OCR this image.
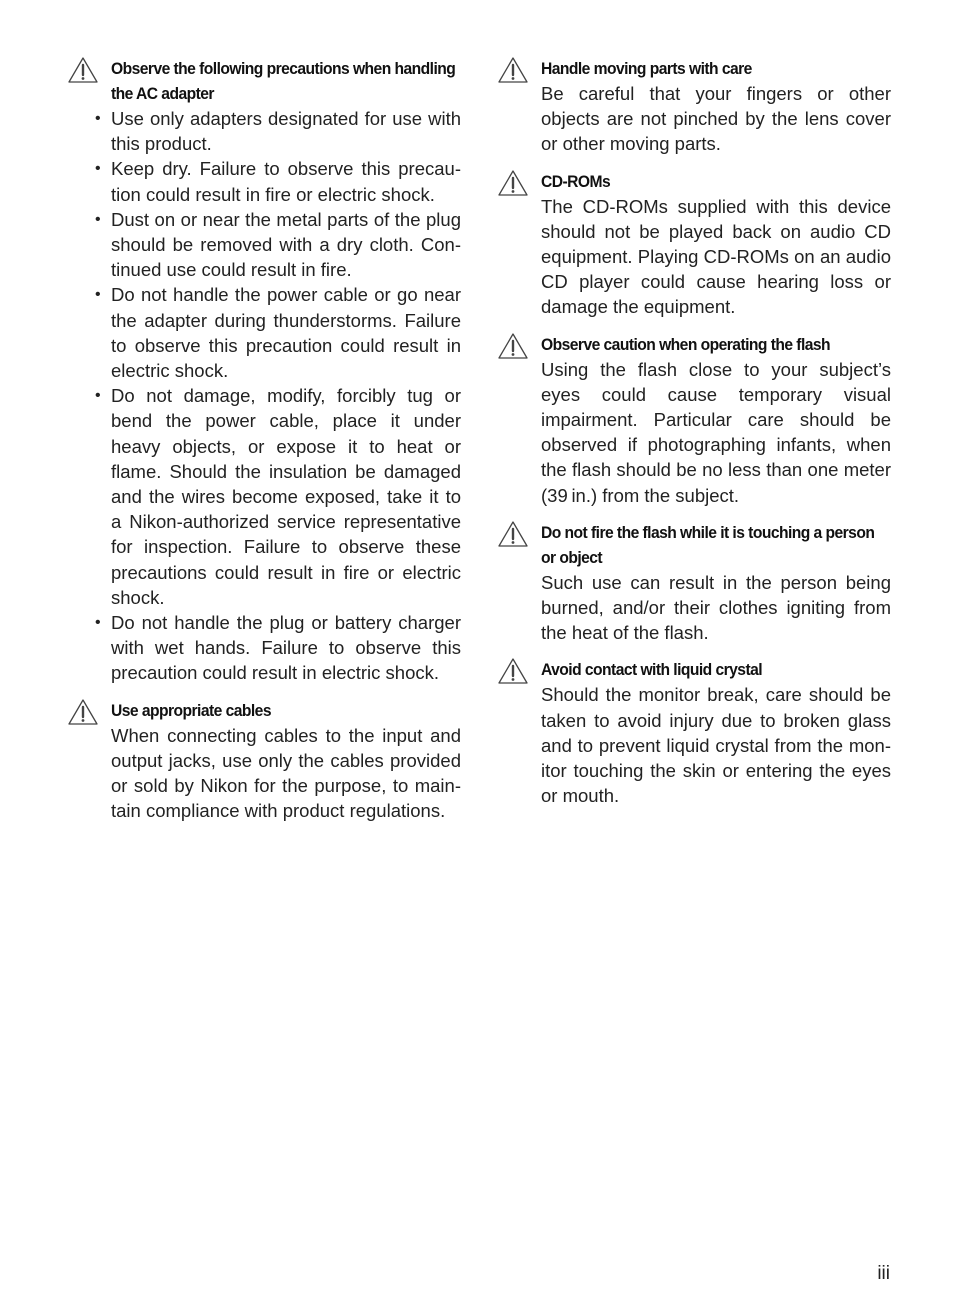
Observe the following precautions when handling
the AC adapter
• Use only adapters designated for use with this product.
• Keep dry. Failure to observe this precaution could result in fire or electric shock.
• Dust on or near the metal parts of the plug should be removed with a dry cloth. Continued use could result in fire.
• Do not handle the power cable or go near the adapter during thunderstorms. Failure to observe this precaution could result in electric shock.
• Do not damage, modify, forcibly tug or bend the power cable, place it under heavy objects, or expose it to heat or flame. Should the insulation be damaged and the wires become exposed, take it to a Nikon-authorized service representative for inspection. Failure to observe these precautions could result in fire or electric shock.
• Do not handle the plug or battery charger with wet hands. Failure to observe this precaution could result in electric shock.
Use appropriate cables
When connecting cables to the input and output jacks, use only the cables provided or sold by Nikon for the purpose, to maintain compliance with product regulations.
Handle moving parts with care
Be careful that your fingers or other objects are not pinched by the lens cover or other moving parts.
CD-ROMs
The CD-ROMs supplied with this device should not be played back on audio CD equipment. Playing CD-ROMs on an audio CD player could cause hearing loss or damage the equipment.
Observe caution when operating the flash
Using the flash close to your subject’s eyes could cause temporary visual impairment. Particular care should be observed if photographing infants, when the flash should be no less than one meter (39 in.) from the subject.
Do not fire the flash while it is touching a person
or object
Such use can result in the person being burned, and/or their clothes igniting from the heat of the flash.
Avoid contact with liquid crystal
Should the monitor break, care should be taken to avoid injury due to broken glass and to prevent liquid crystal from the monitor touching the skin or entering the eyes or mouth.
iii
